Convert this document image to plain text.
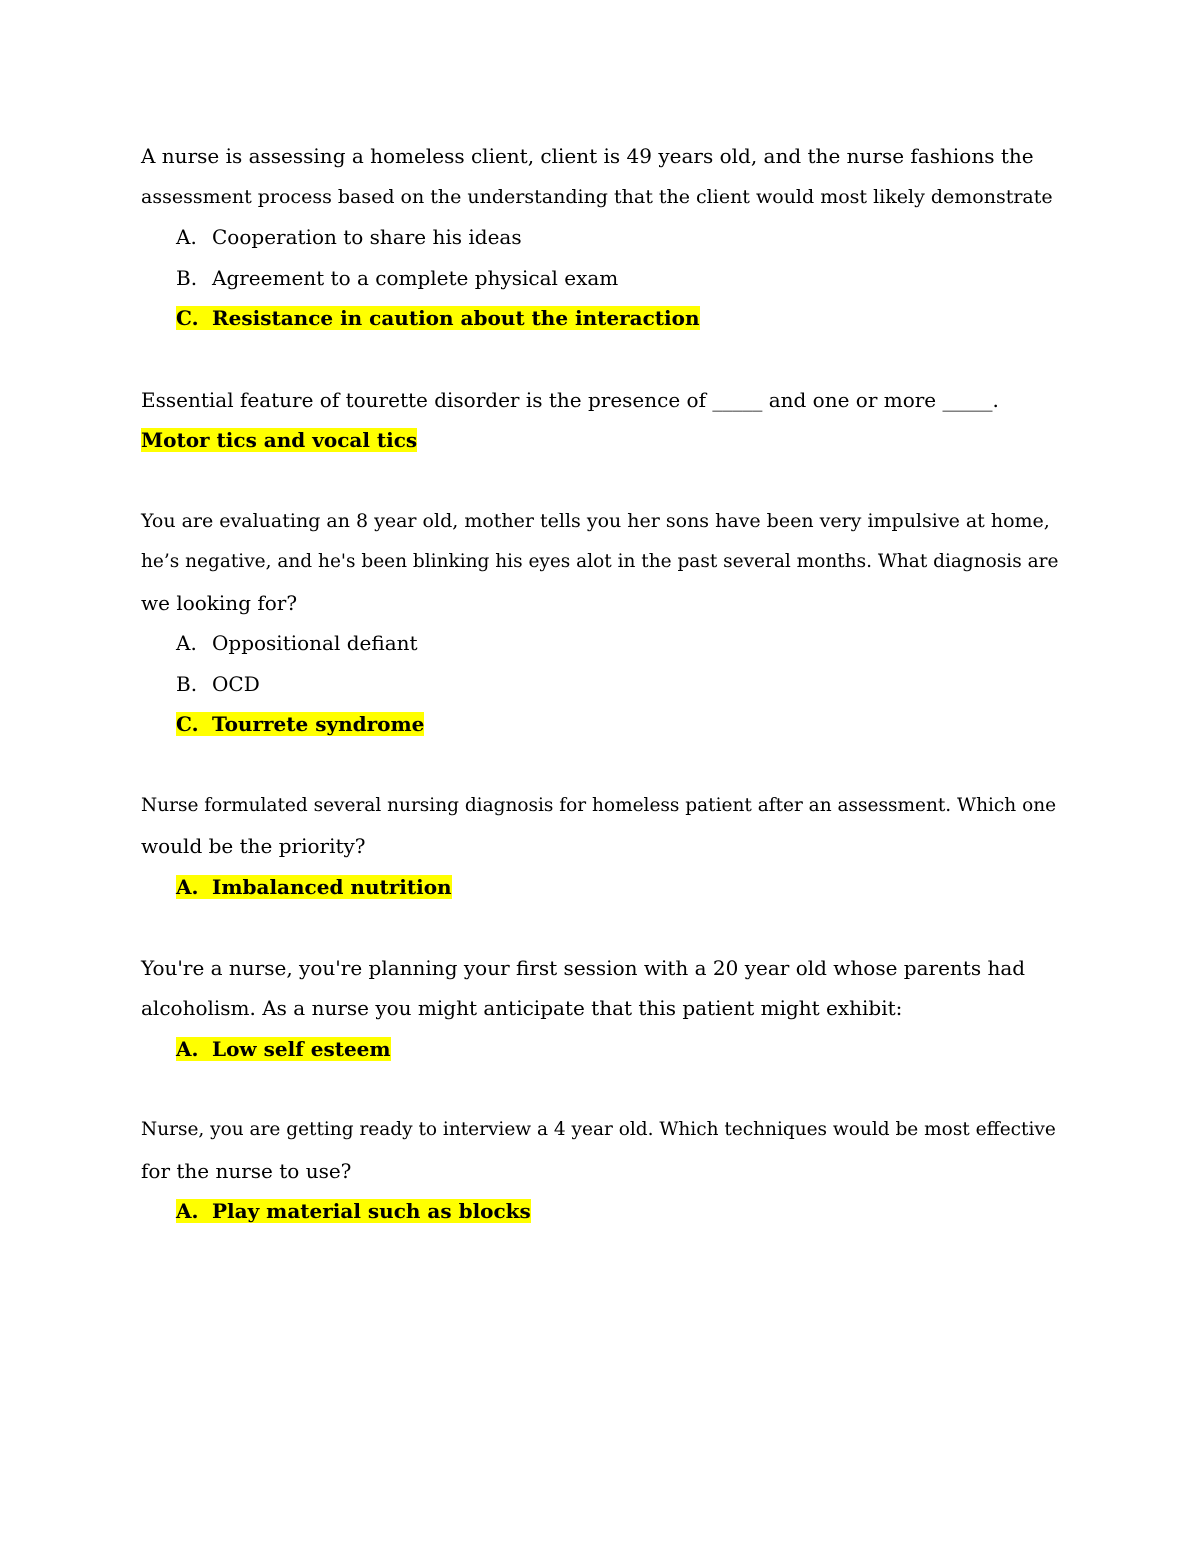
A nurse is assessing a homeless client, client is 49 years old, and the nurse fashions the
assessment process based on the understanding that the client would most likely demonstrate
A. Cooperation to share his ideas
B. Agreement to a complete physical exam
C. Resistance in caution about the interaction
Essential feature of tourette disorder is the presence of _____ and one or more _____.
Motor tics and vocal tics
You are evaluating an 8 year old, mother tells you her sons have been very impulsive at home,
he’s negative, and he's been blinking his eyes alot in the past several months. What diagnosis are
we looking for?
A. Oppositional defiant
B. OCD
C. Tourrete syndrome
Nurse formulated several nursing diagnosis for homeless patient after an assessment. Which one
would be the priority?
A. Imbalanced nutrition
You're a nurse, you're planning your first session with a 20 year old whose parents had
alcoholism. As a nurse you might anticipate that this patient might exhibit:
A. Low self esteem
Nurse, you are getting ready to interview a 4 year old. Which techniques would be most effective
for the nurse to use?
A. Play material such as blocks
